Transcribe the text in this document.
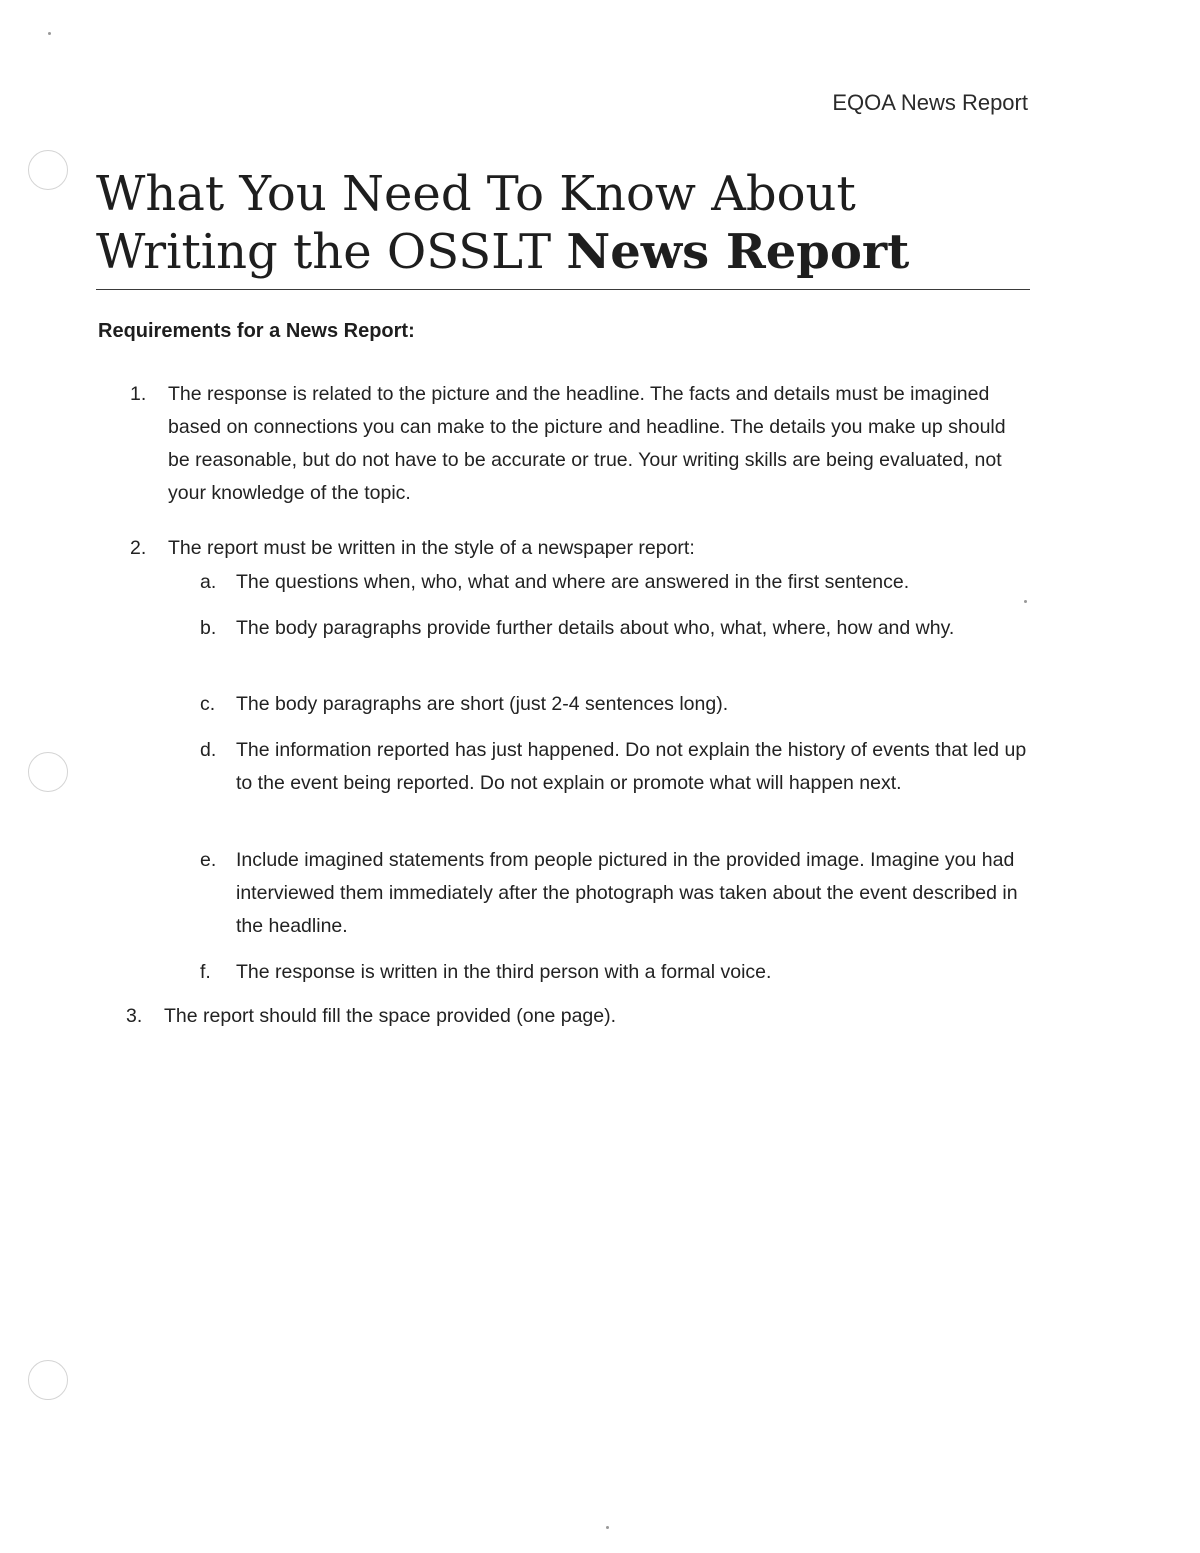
EQOA News Report
What You Need To Know About
Writing the OSSLT News Report
Requirements for a News Report:
1. The response is related to the picture and the headline. The facts and details must be imagined based on connections you can make to the picture and headline. The details you make up should be reasonable, but do not have to be accurate or true. Your writing skills are being evaluated, not your knowledge of the topic.
2. The report must be written in the style of a newspaper report:
a. The questions when, who, what and where are answered in the first sentence.
b. The body paragraphs provide further details about who, what, where, how and why.
c. The body paragraphs are short (just 2-4 sentences long).
d. The information reported has just happened. Do not explain the history of events that led up to the event being reported. Do not explain or promote what will happen next.
e. Include imagined statements from people pictured in the provided image. Imagine you had interviewed them immediately after the photograph was taken about the event described in the headline.
f. The response is written in the third person with a formal voice.
3. The report should fill the space provided (one page).
